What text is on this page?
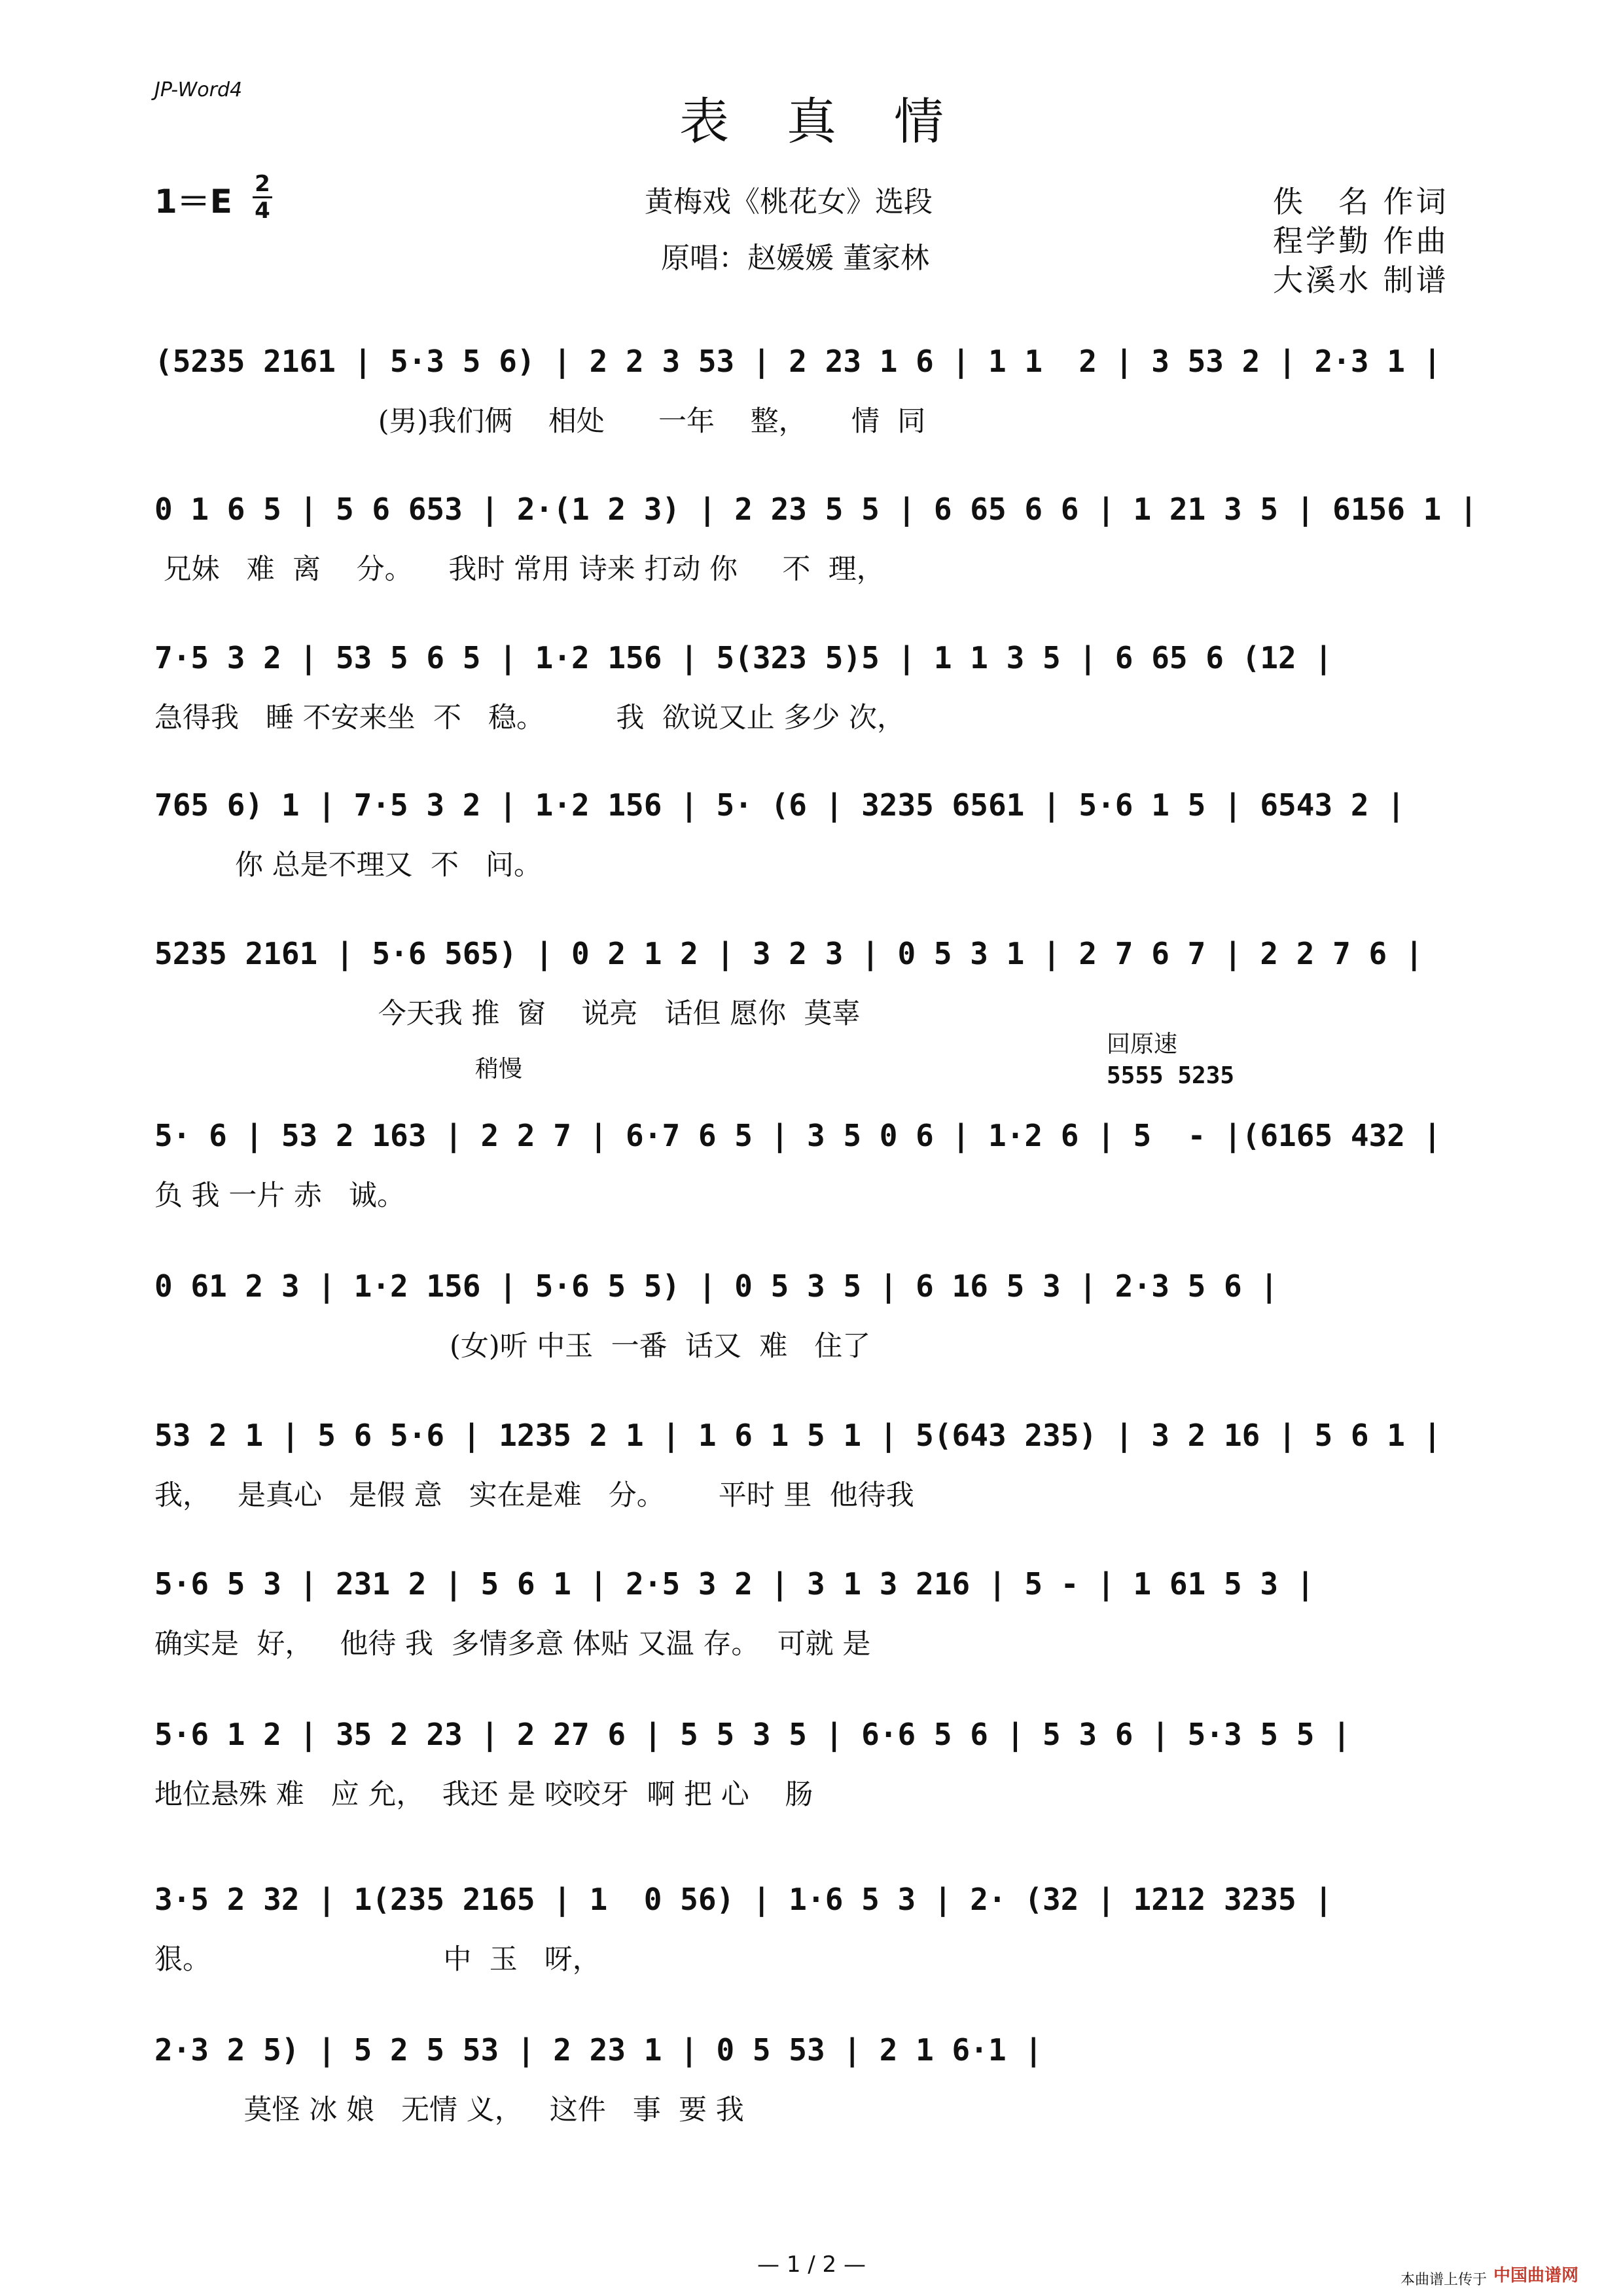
JP-Word4
表真情
1＝E 2
4	黄梅戏《桃花女》选段
原唱：赵媛媛 董家林
佚　名 作词
程学勤 作曲
大溪水 制谱
(5235 2161 | 5·3 5 6) | 2 2 3 53 | 2 23 1 6 | 1 1  2 | 3 53 2 | 2·3 1 |
(男)我们俩    相处      一年    整，     情  同
0 1 6 5 | 5 6 653 | 2·(1 2 3) | 2 23 5 5 | 6 65 6 6 | 1 21 3 5 | 6156 1 |
兄妹   难  离    分。    我时 常用 诗来 打动 你     不  理，
7·5 3 2 | 53 5 6 5 | 1·2 156 | 5(323 5)5 | 1 1 3 5 | 6 65 6 (12 |
急得我   睡 不安来坐  不   稳。        我  欲说又止 多少 次，
765 6) 1 | 7·5 3 2 | 1·2 156 | 5· (6 | 3235 6561 | 5·6 1 5 | 6543 2 |
你 总是不理又  不   问。
5235 2161 | 5·6 565) | 0 2 1 2 | 3 2 3 | 0 5 3 1 | 2 7 6 7 | 2 2 7 6 |
今天我 推  窗    说亮   话但 愿你  莫辜
稍慢
回原速
5555 5235
5· 6 | 53 2 163 | 2 2 7 | 6·7 6 5 | 3 5 0 6 | 1·2 6 | 5  - |(6165 432 |
负 我 一片 赤   诚。
0 61 2 3 | 1·2 156 | 5·6 5 5) | 0 5 3 5 | 6 16 5 3 | 2·3 5 6 |
(女)听 中玉  一番  话又  难   住了
53 2 1 | 5 6 5·6 | 1235 2 1 | 1 6 1 5 1 | 5(643 235) | 3 2 16 | 5 6 1 |
我，   是真心   是假 意   实在是难   分。      平时 里  他待我
5·6 5 3 | 231 2 | 5 6 1 | 2·5 3 2 | 3 1 3 216 | 5 - | 1 61 5 3 |
确实是  好，   他待 我  多情多意 体贴 又温 存。  可就 是
5·6 1 2 | 35 2 23 | 2 27 6 | 5 5 3 5 | 6·6 5 6 | 5 3 6 | 5·3 5 5 |
地位悬殊 难   应 允，  我还 是 咬咬牙  啊 把 心    肠
3·5 2 32 | 1(235 2165 | 1  0 56) | 1·6 5 3 | 2· (32 | 1212 3235 |
狠。                          中  玉   呀，
2·3 2 5) | 5 2 5 53 | 2 23 1 | 0 5 53 | 2 1 6·1 |
莫怪 冰 娘   无情 义，   这件   事  要 我
— 1 / 2 —
本曲谱上传于 中国曲谱网
